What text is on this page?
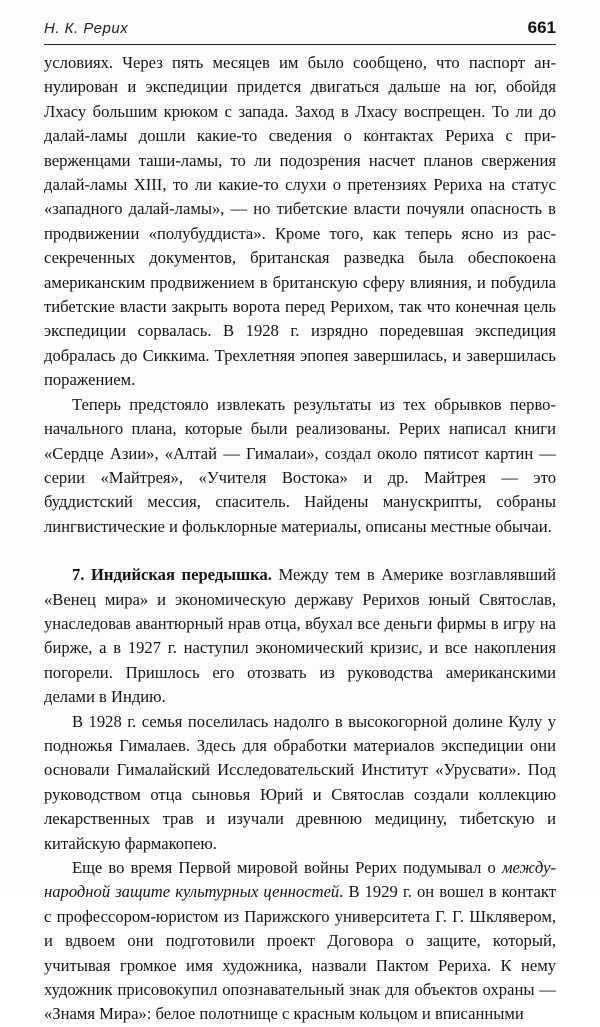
Н. К. Рерих	661

условиях. Через пять месяцев им было сообщено, что паспорт аннулирован и экспедиции придется двигаться дальше на юг, обойдя Лхасу большим крюком с запада. Заход в Лхасу воспрещен. То ли до далай-ламы дошли какие-то сведения о контактах Рериха с приверженцами таши-ламы, то ли подозрения насчет планов свержения далай-ламы XIII, то ли какие-то слухи о претензиях Рериха на статус «западного далай-ламы», — но тибетские власти почуяли опасность в продвижении «полубуддиста». Кроме того, как теперь ясно из рассекреченных документов, британская разведка была обеспокоена американским продвижением в британскую сферу влияния, и побудила тибетские власти закрыть ворота перед Рерихом, так что конечная цель экспедиции сорвалась. В 1928 г. изрядно поредевшая экспедиция добралась до Сиккима. Трехлетняя эпопея завершилась, и завершилась поражением.

Теперь предстояло извлекать результаты из тех обрывков первоначального плана, которые были реализованы. Рерих написал книги «Сердце Азии», «Алтай — Гималаи», создал около пятисот картин — серии «Майтрея», «Учителя Востока» и др. Майтрея — это буддистский мессия, спаситель. Найдены манускрипты, собраны лингвистические и фольклорные материалы, описаны местные обычаи.

7. Индийская передышка. Между тем в Америке возглавлявший «Венец мира» и экономическую державу Рерихов юный Святослав, унаследовав авантюрный нрав отца, вбухал все деньги фирмы в игру на бирже, а в 1927 г. наступил экономический кризис, и все накопления погорели. Пришлось его отозвать из руководства американскими делами в Индию.

В 1928 г. семья поселилась надолго в высокогорной долине Кулу у подножья Гималаев. Здесь для обработки материалов экспедиции они основали Гималайский Исследовательский Институт «Урусвати». Под руководством отца сыновья Юрий и Святослав создали коллекцию лекарственных трав и изучали древнюю медицину, тибетскую и китайскую фармакопею.

Еще во время Первой мировой войны Рерих подумывал о международной защите культурных ценностей. В 1929 г. он вошел в контакт с профессором-юристом из Парижского университета Г. Г. Шклявером, и вдвоем они подготовили проект Договора о защите, который, учитывая громкое имя художника, назвали Пактом Рериха. К нему художник присовокупил опознавательный знак для объектов охраны — «Знамя Мира»: белое полотнище с красным кольцом и вписанными
